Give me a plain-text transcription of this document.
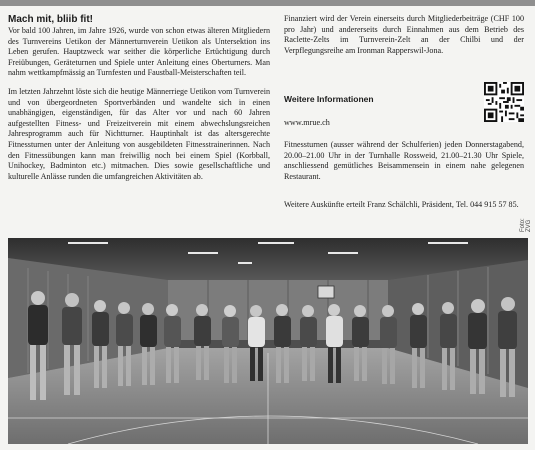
Mach mit, bliib fit!

Vor bald 100 Jahren, im Jahre 1926, wurde von schon etwas älteren Mitgliedern des Turnvereins Uetikon der Männerturnverein Uetikon als Untersektion ins Leben gerufen. Hauptzweck war seither die körperliche Ertüchtigung durch Freiübungen, Geräteturnen und Spiele unter Anleitung eines Oberturners. Man nahm wettkampfmässig an Turnfesten und Faustball-Meisterschaften teil.

Im letzten Jahrzehnt löste sich die heutige Männerriege Uetikon vom Turnverein und von übergeordneten Sportverbänden und wandelte sich in einen unabhängigen, eigenständigen, für das Alter vor und nach 60 Jahren aufgestellten Fitness- und Freizeitverein mit einem abwechslungsreichen Jahresprogramm auch für Nichtturner. Hauptinhalt ist das altersgerechte Fitnessturnen unter der Anleitung von ausgebildeten Fitnesstrainerinnen. Nach den Fitnessübungen kann man freiwillig noch bei einem Spiel (Korbball, Unihockey, Badminton etc.) mitmachen. Dies sowie gesellschaftliche und kulturelle Anlässe runden die umfangreichen Aktivitäten ab.

Finanziert wird der Verein einerseits durch Mitgliederbeiträge (CHF 100 pro Jahr) und andererseits durch Einnahmen aus dem Betrieb des Raclette-Zelts im Turnverein-Zelt an der Chilbi und der Verpflegungsreihe am Ironman Rapperswil-Jona.

Weitere Informationen
www.mrue.ch

Fitnessturnen (ausser während der Schulferien) jeden Donnerstagabend, 20.00–21.00 Uhr in der Turnhalle Rossweid, 21.00–21.30 Uhr Spiele, anschliessend gemütliches Beisammensein in einem nahe gelegenen Restaurant.

Weitere Auskünfte erteilt Franz Schälchli, Präsident, Tel. 044 915 57 85.

Foto: ZVG
